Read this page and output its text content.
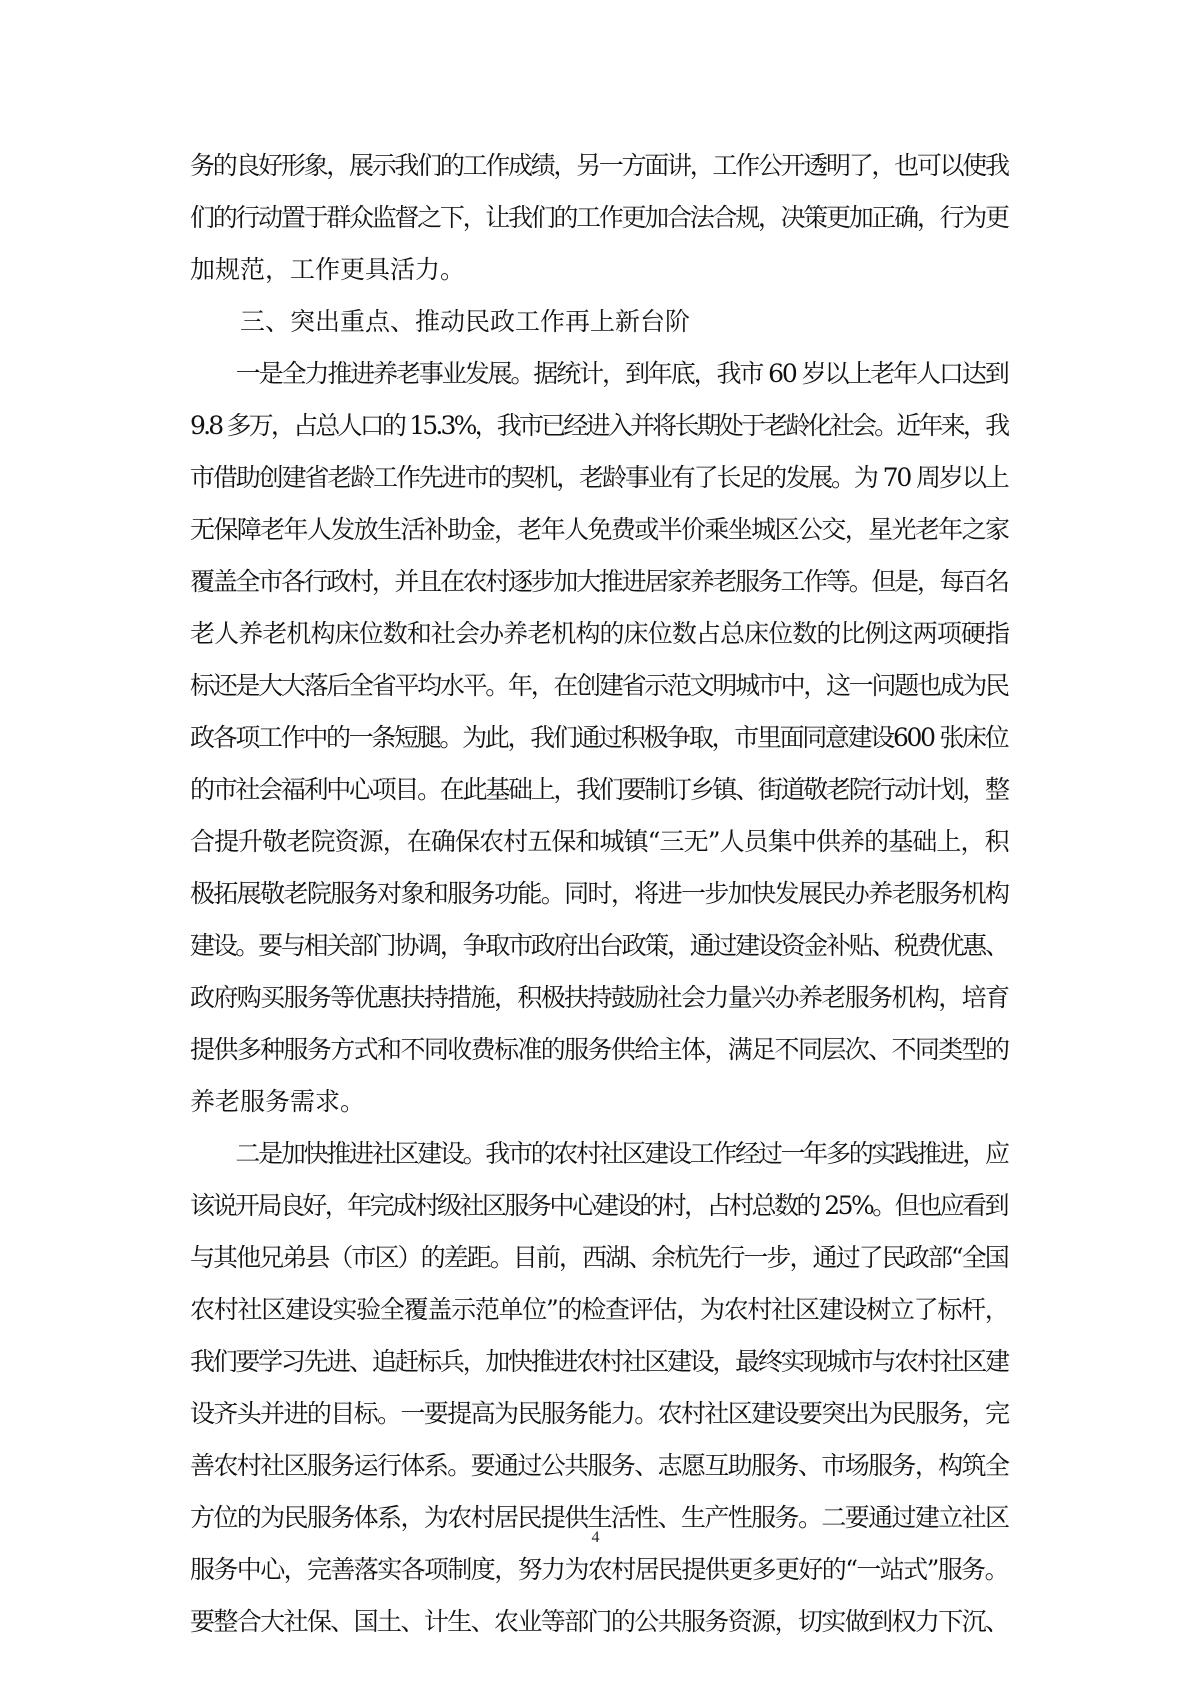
务的良好形象，展示我们的工作成绩，另一方面讲，工作公开透明了，也可以使我
们的行动置于群众监督之下，让我们的工作更加合法合规，决策更加正确，行为更
加规范，工作更具活力。
　　三、突出重点、推动民政工作再上新台阶
　　一是全力推进养老事业发展。据统计，到年底，我市 60 岁以上老年人口达到
9.8 多万，占总人口的 15.3%，我市已经进入并将长期处于老龄化社会。近年来，我
市借助创建省老龄工作先进市的契机，老龄事业有了长足的发展。为 70 周岁以上
无保障老年人发放生活补助金，老年人免费或半价乘坐城区公交，星光老年之家
覆盖全市各行政村，并且在农村逐步加大推进居家养老服务工作等。但是，每百名
老人养老机构床位数和社会办养老机构的床位数占总床位数的比例这两项硬指
标还是大大落后全省平均水平。年，在创建省示范文明城市中，这一问题也成为民
政各项工作中的一条短腿。为此，我们通过积极争取，市里面同意建设600 张床位
的市社会福利中心项目。在此基础上，我们要制订乡镇、街道敬老院行动计划，整
合提升敬老院资源，在确保农村五保和城镇“三无”人员集中供养的基础上，积
极拓展敬老院服务对象和服务功能。同时，将进一步加快发展民办养老服务机构
建设。要与相关部门协调，争取市政府出台政策，通过建设资金补贴、税费优惠、
政府购买服务等优惠扶持措施，积极扶持鼓励社会力量兴办养老服务机构，培育
提供多种服务方式和不同收费标准的服务供给主体，满足不同层次、不同类型的
养老服务需求。
　　二是加快推进社区建设。我市的农村社区建设工作经过一年多的实践推进，应
该说开局良好，年完成村级社区服务中心建设的村，占村总数的 25%。但也应看到
与其他兄弟县（市区）的差距。目前，西湖、余杭先行一步，通过了民政部“全国
农村社区建设实验全覆盖示范单位”的检查评估，为农村社区建设树立了标杆，
我们要学习先进、追赶标兵，加快推进农村社区建设，最终实现城市与农村社区建
设齐头并进的目标。一要提高为民服务能力。农村社区建设要突出为民服务，完
善农村社区服务运行体系。要通过公共服务、志愿互助服务、市场服务，构筑全
方位的为民服务体系，为农村居民提供生活性、生产性服务。二要通过建立社区
服务中心，完善落实各项制度，努力为农村居民提供更多更好的“一站式”服务。
要整合大社保、国土、计生、农业等部门的公共服务资源，切实做到权力下沉、
4
